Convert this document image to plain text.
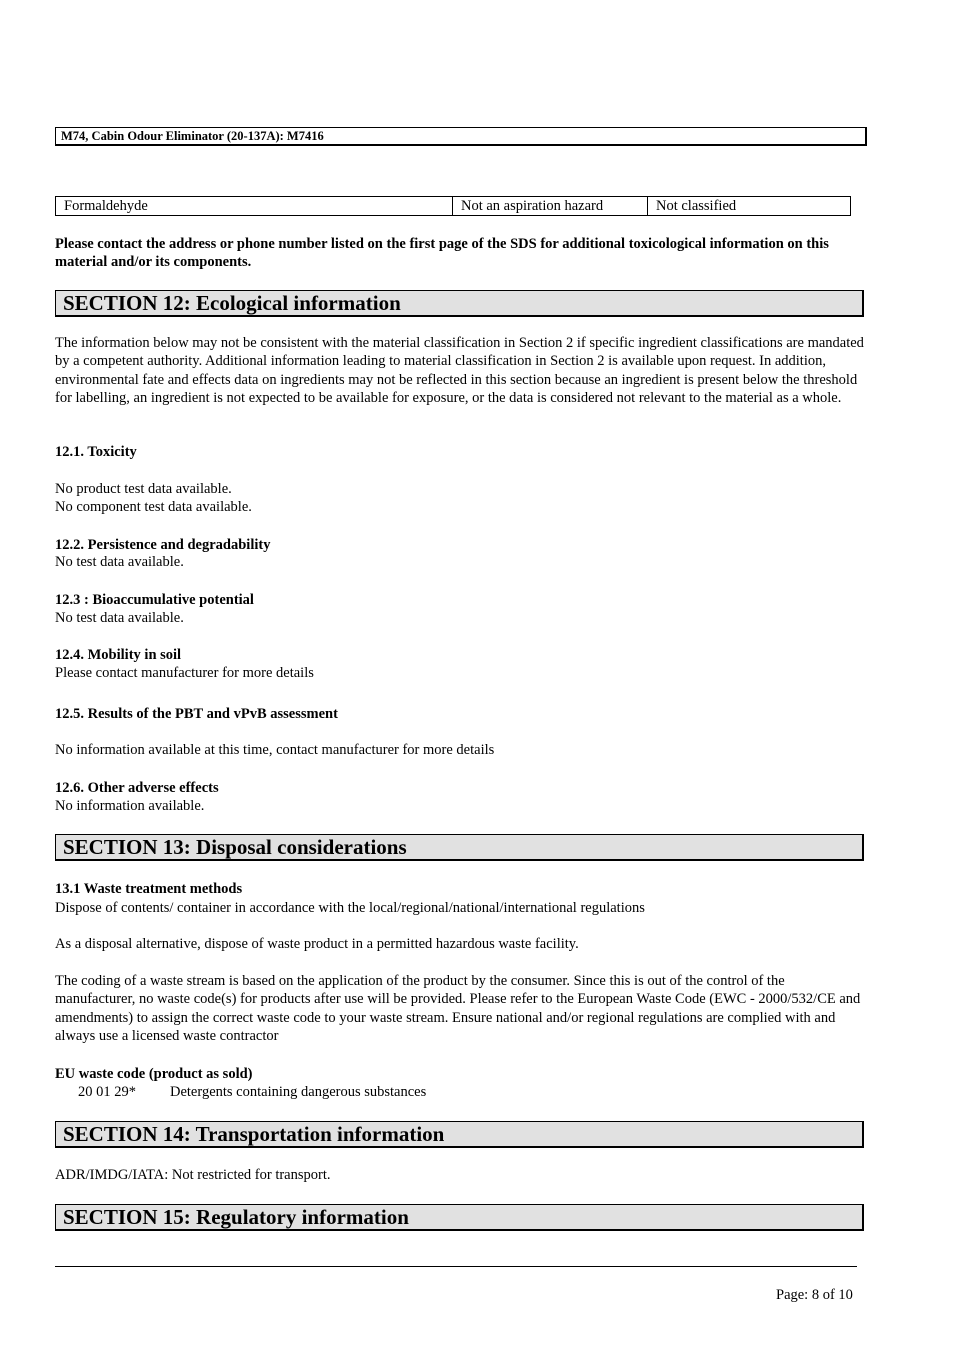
M74, Cabin Odour Eliminator (20-137A): M7416
Formaldehyde	Not an aspiration hazard	Not classified
Please contact the address or phone number listed on the first page of the SDS for additional toxicological information on this material and/or its components.
SECTION 12: Ecological information
The information below may not be consistent with the material classification in Section 2 if specific ingredient classifications are mandated by a competent authority. Additional information leading to material classification in Section 2 is available upon request. In addition, environmental fate and effects data on ingredients may not be reflected in this section because an ingredient is present below the threshold for labelling, an ingredient is not expected to be available for exposure, or the data is considered not relevant to the material as a whole.
12.1. Toxicity
No product test data available.
No component test data available.
12.2. Persistence and degradability
No test data available.
12.3 : Bioaccumulative potential
No test data available.
12.4. Mobility in soil
Please contact manufacturer for more details
12.5. Results of the PBT and vPvB assessment
No information available at this time, contact manufacturer for more details
12.6. Other adverse effects
No information available.
SECTION 13: Disposal considerations
13.1 Waste treatment methods
Dispose of contents/ container in accordance with the local/regional/national/international regulations
As a disposal alternative, dispose of waste product in a permitted hazardous waste facility.
The coding of a waste stream is based on the application of the product by the consumer. Since this is out of the control of the manufacturer, no waste code(s) for products after use will be provided. Please refer to the European Waste Code (EWC - 2000/532/CE and amendments) to assign the correct waste code to your waste stream. Ensure national and/or regional regulations are complied with and always use a licensed waste contractor
EU waste code (product as sold)
20 01 29* Detergents containing dangerous substances
SECTION 14: Transportation information
ADR/IMDG/IATA: Not restricted for transport.
SECTION 15: Regulatory information
Page: 8 of 10
